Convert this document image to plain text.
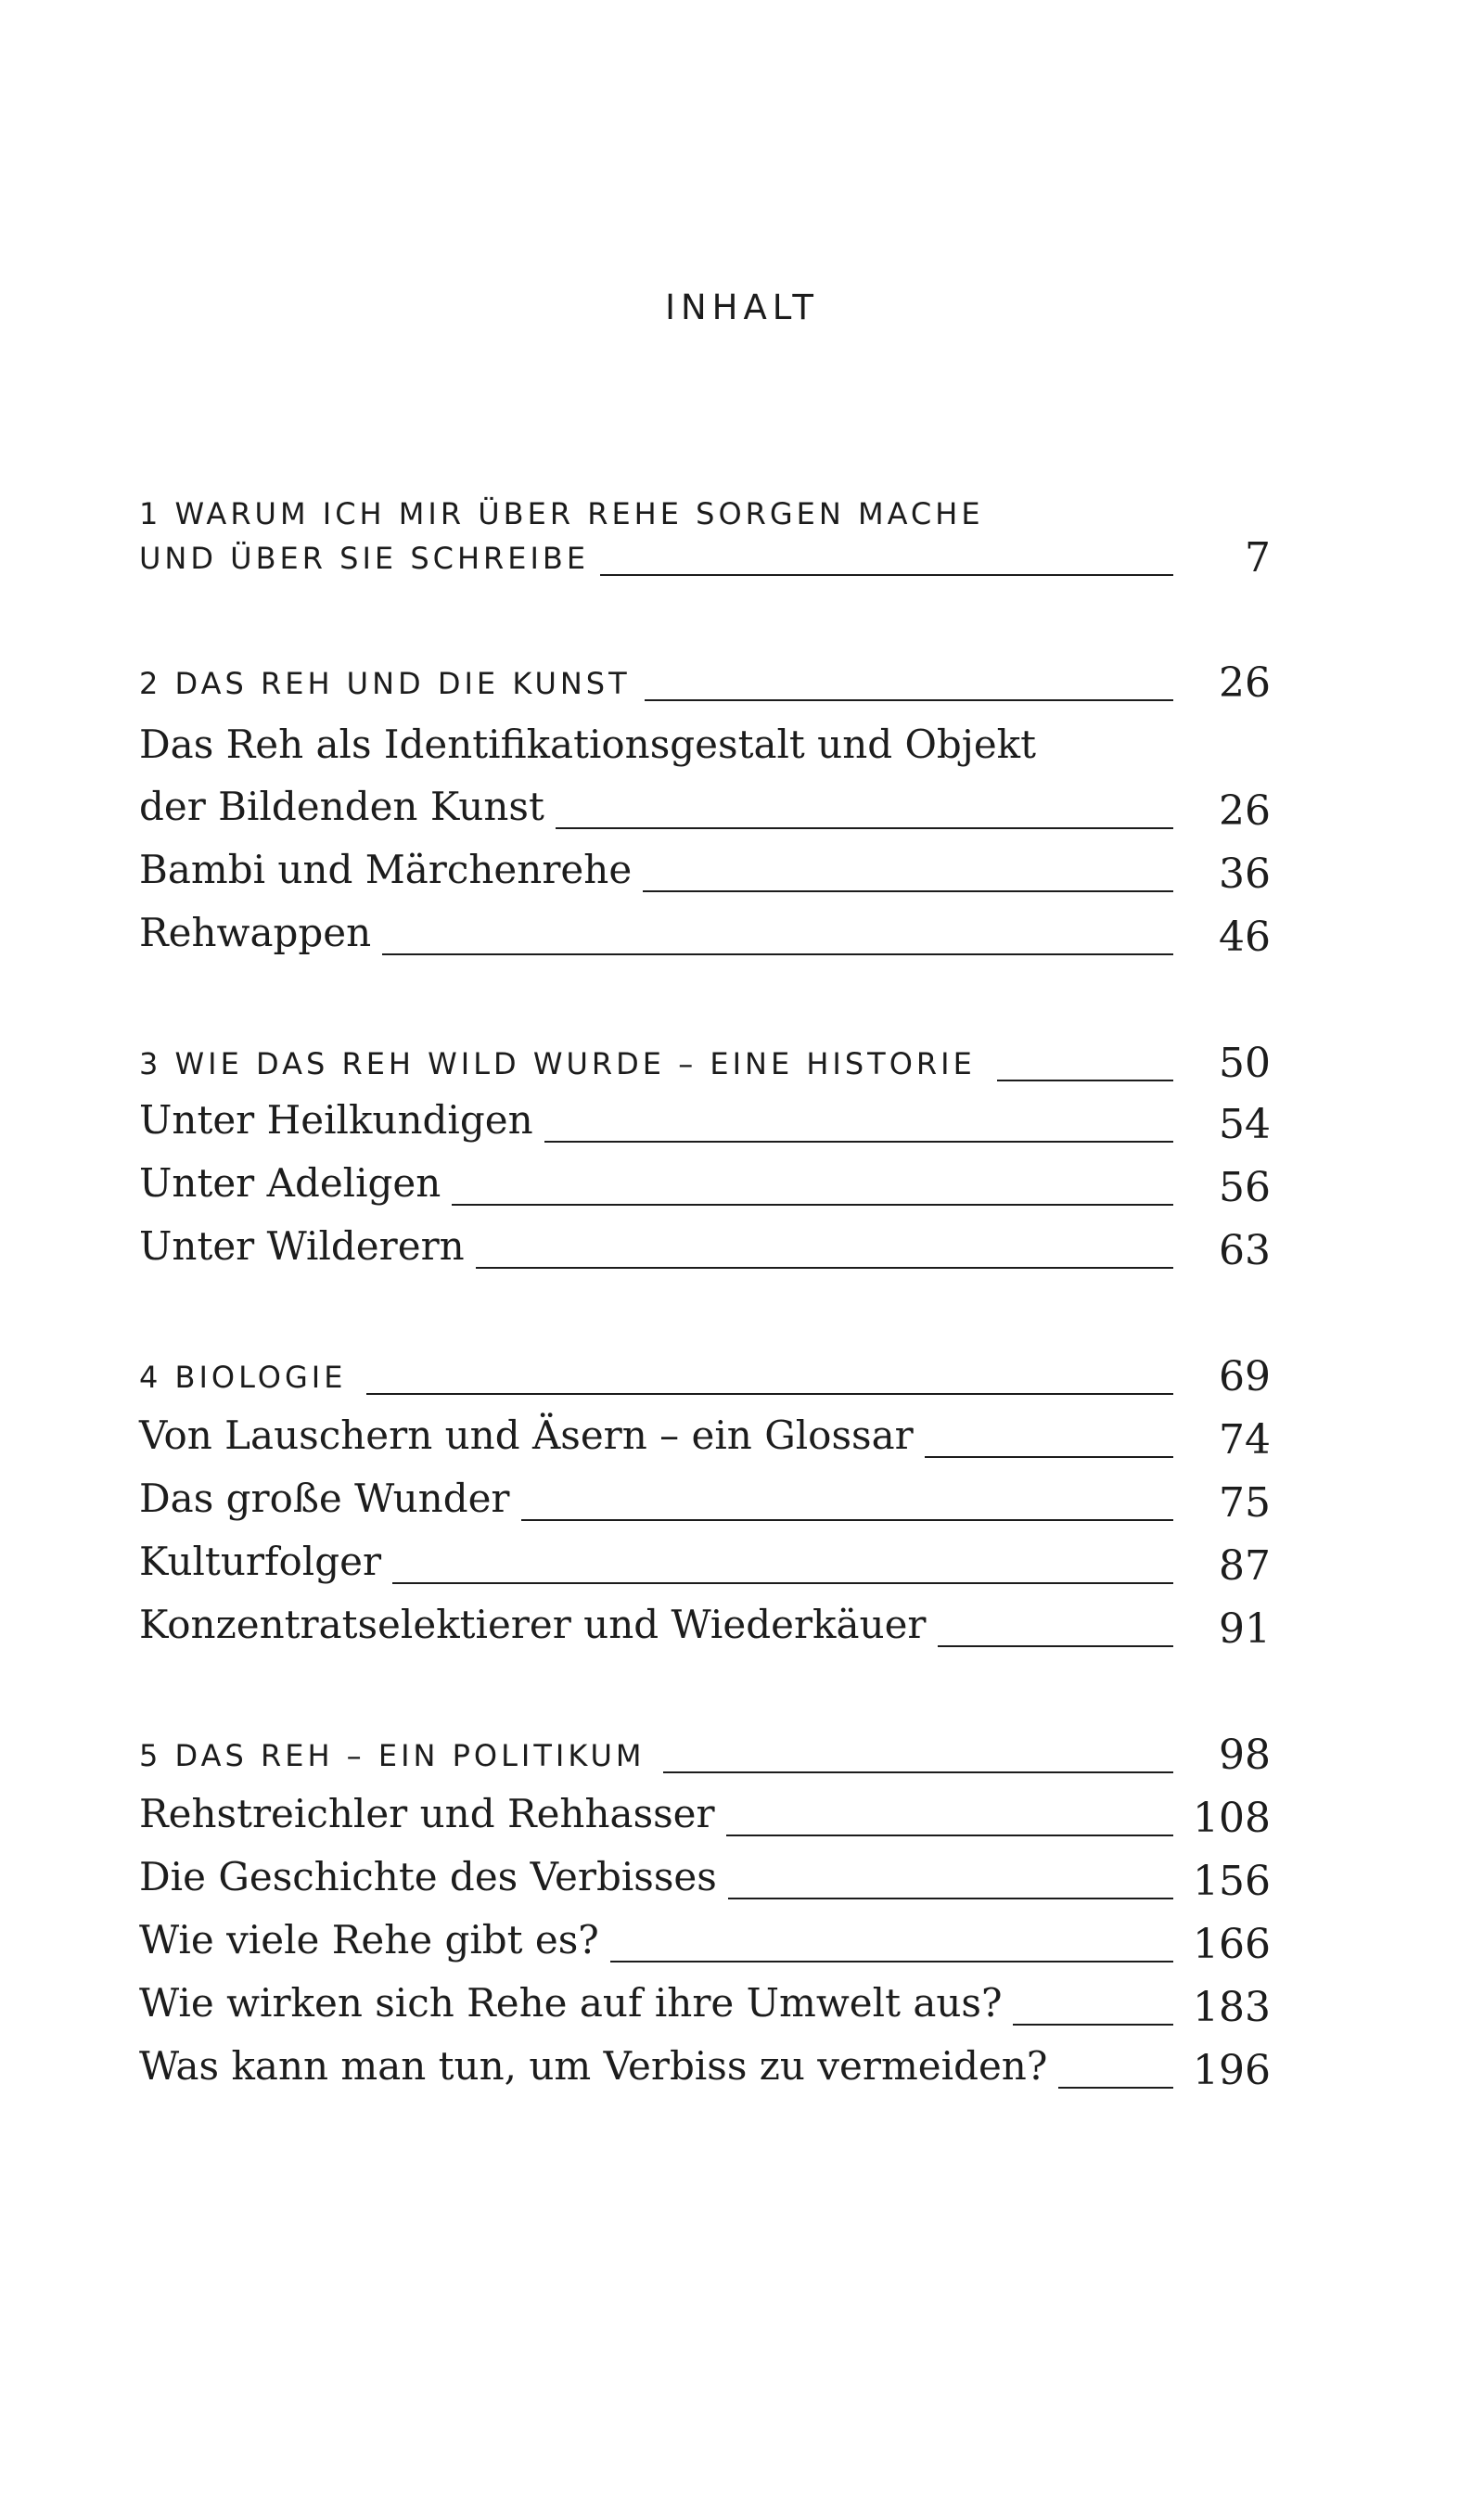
INHALT
1 WARUM ICH MIR ÜBER REHE SORGEN MACHE
UND ÜBER SIE SCHREIBE	7
2 DAS REH UND DIE KUNST	26
Das Reh als Identifikationsgestalt und Objekt
der Bildenden Kunst	26
Bambi und Märchenrehe	36
Rehwappen	46
3 WIE DAS REH WILD WURDE – EINE HISTORIE	50
Unter Heilkundigen	54
Unter Adeligen	56
Unter Wilderern	63
4 BIOLOGIE	69
Von Lauschern und Äsern – ein Glossar	74
Das große Wunder	75
Kulturfolger	87
Konzentratselektierer und Wiederkäuer	91
5 DAS REH – EIN POLITIKUM	98
Rehstreichler und Rehhasser	108
Die Geschichte des Verbisses	156
Wie viele Rehe gibt es?	166
Wie wirken sich Rehe auf ihre Umwelt aus?	183
Was kann man tun, um Verbiss zu vermeiden?	196
